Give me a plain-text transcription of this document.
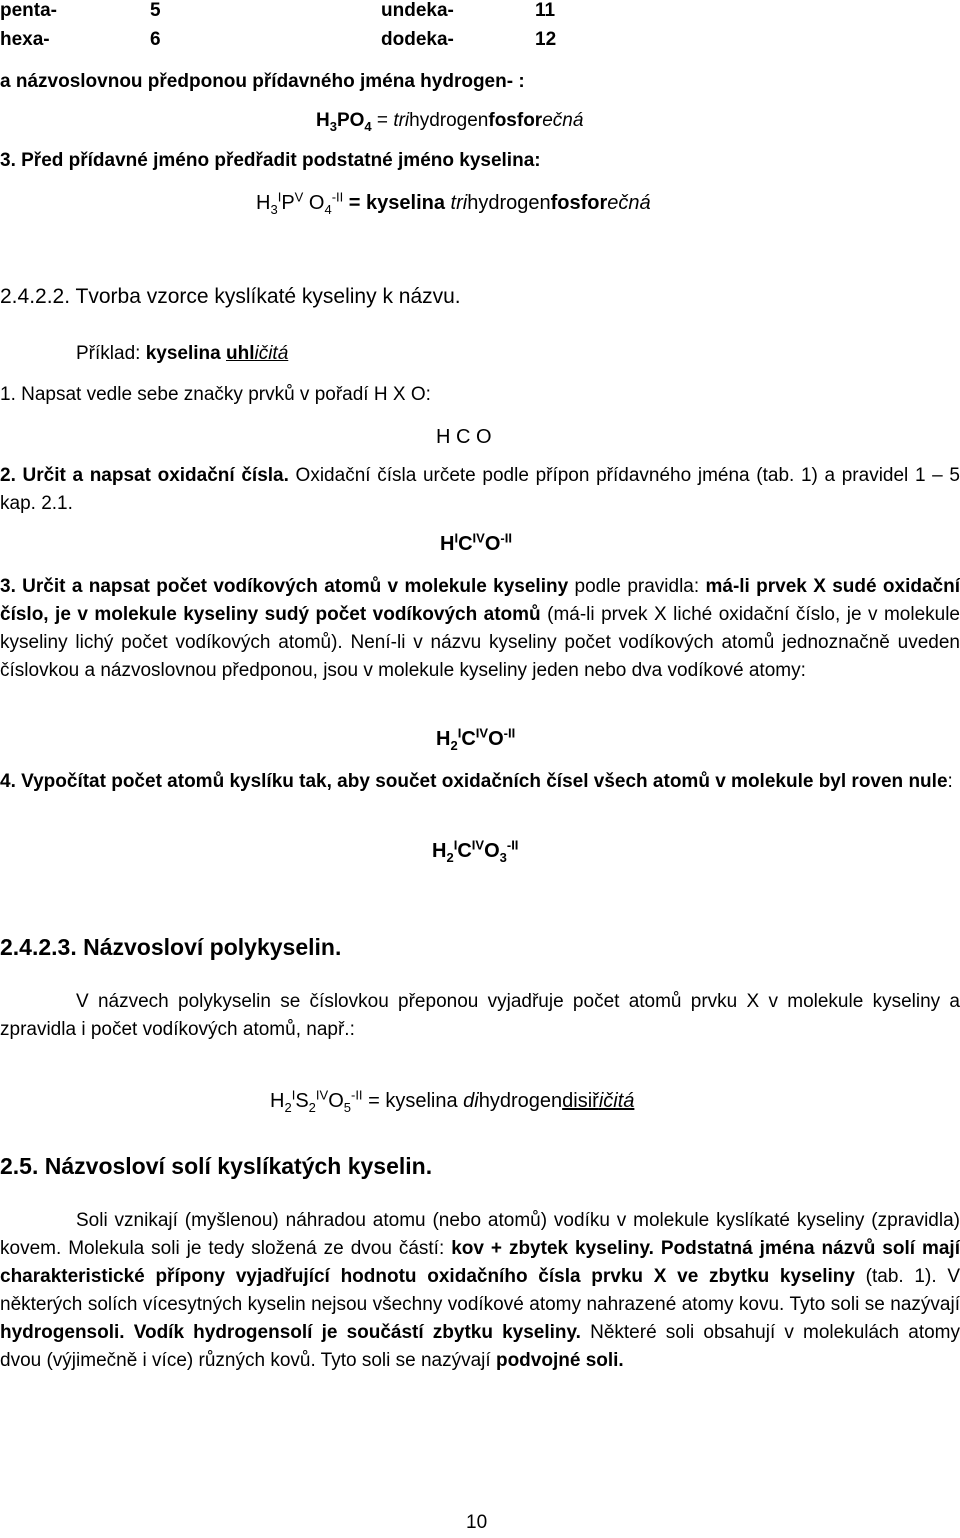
penta-	5	undeka-	11
hexa-	6	dodeka-	12
a názvoslovnou předponou přídavného jména hydrogen- :
$H_3PO_4$ = trihydrogenfosforečná
3. Před přídavné jméno předřadit podstatné jméno kyselina:
$H_3^IP^V$ $O_4^{-II}$ = kyselina trihydrogenfosforečná
2.4.2.2. Tvorba vzorce kyslíkaté kyseliny k názvu.
Příklad: kyselina uhličitá
1. Napsat vedle sebe značky prvků v pořadí H X O:
H C O
2. Určit a napsat oxidační čísla. Oxidační čísla určete podle přípon přídavného jména (tab. 1) a pravidel 1 – 5 kap. 2.1.
$H^IC^{IV}O^{-II}$
3. Určit a napsat počet vodíkových atomů v molekule kyseliny podle pravidla: má-li prvek X sudé oxidační číslo, je v molekule kyseliny sudý počet vodíkových atomů (má-li prvek X liché oxidační číslo, je v molekule kyseliny lichý počet vodíkových atomů). Není-li v názvu kyseliny počet vodíkových atomů jednoznačně uveden číslovkou a názvoslovnou předponou, jsou v molekule kyseliny jeden nebo dva vodíkové atomy:
$H_2^IC^{IV}O^{-II}$
4. Vypočítat počet atomů kyslíku tak, aby součet oxidačních čísel všech atomů v molekule byl roven nule:
$H_2^IC^{IV}O_3^{-II}$
2.4.2.3. Názvosloví polykyselin.
V názvech polykyselin se číslovkou přeponou vyjadřuje počet atomů prvku X v molekule kyseliny a zpravidla i počet vodíkových atomů, např.:
$H_2^IS_2^{IV}O_5^{-II}$ = kyselina dihydrogendisiřičitá
2.5. Názvosloví solí kyslíkatých kyselin.
Soli vznikají (myšlenou) náhradou atomu (nebo atomů) vodíku v molekule kyslíkaté kyseliny (zpravidla) kovem. Molekula soli je tedy složená ze dvou částí: kov + zbytek kyseliny. Podstatná jména názvů solí mají charakteristické přípony vyjadřující hodnotu oxidačního čísla prvku X ve zbytku kyseliny (tab. 1). V některých solích vícesytných kyselin nejsou všechny vodíkové atomy nahrazené atomy kovu. Tyto soli se nazývají hydrogensoli. Vodík hydrogensolí je součástí zbytku kyseliny. Některé soli obsahují v molekulách atomy dvou (výjimečně i více) různých kovů. Tyto soli se nazývají podvojné soli.
10
